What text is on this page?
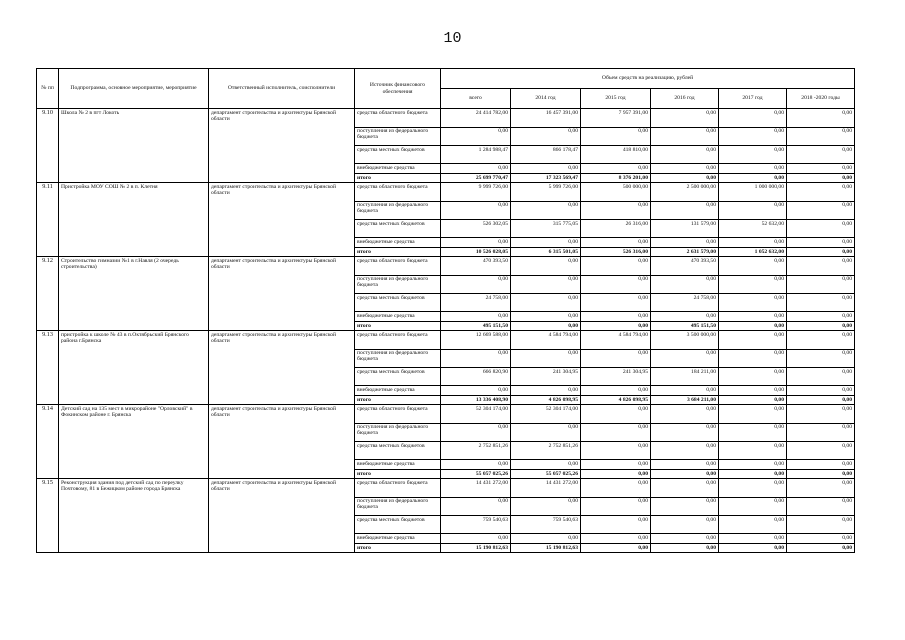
10
№ пп	Подпрограмма, основное мероприятие, мероприятие	Ответственный исполнитель, соисполнители	Источник финансового обеспечения	Объем средств на реализацию, рублей					
				всего	2014 год	2015 год	2016 год	2017 год	2018 -2020 годы
9.10	Школа № 2 в пгт Локоть	департамент строительства и архитектуры Брянской области	средства областного бюджета	24 414 782,00	16 457 391,00	7 957 391,00	0,00	0,00	0,00
			поступления из федерального бюджета	0,00	0,00	0,00	0,00	0,00	0,00
			средства местных бюджетов	1 284 988,47	866 178,47	418 810,00	0,00	0,00	0,00
			внебюджетные средства	0,00	0,00	0,00	0,00	0,00	0,00
			итого	25 699 770,47	17 323 569,47	8 376 201,00	0,00	0,00	0,00
9.11	Пристройка МОУ СОШ № 2 в п. Клетня	департамент строительства и архитектуры Брянской области	средства областного бюджета	9 999 726,00	5 999 726,00	500 000,00	2 500 000,00	1 000 000,00	0,00
			поступления из федерального бюджета	0,00	0,00	0,00	0,00	0,00	0,00
			средства местных бюджетов	526 302,05	315 775,05	26 316,00	131 579,00	52 632,00	0,00
			внебюджетные средства	0,00	0,00	0,00	0,00	0,00	0,00
			итого	10 526 028,05	6 315 501,05	526 316,00	2 631 579,00	1 052 632,00	0,00
9.12	Строительство гимназии №1 в г.Навля (2 очередь строительства)	департамент строительства и архитектуры Брянской области	средства областного бюджета	470 393,50	0,00	0,00	470 393,50	0,00	0,00
			поступления из федерального бюджета	0,00	0,00	0,00	0,00	0,00	0,00
			средства местных бюджетов	24 758,00	0,00	0,00	24 758,00	0,00	0,00
			внебюджетные средства	0,00	0,00	0,00	0,00	0,00	0,00
			итого	495 151,50	0,00	0,00	495 151,50	0,00	0,00
9.13	пристройка к школе № 43 в п.Октябрьский Брянского района г.Брянска	департамент строительства и архитектуры Брянской области	средства областного бюджета	12 669 588,00	4 584 794,00	4 584 794,00	3 500 000,00	0,00	0,00
			поступления из федерального бюджета	0,00	0,00	0,00	0,00	0,00	0,00
			средства местных бюджетов	666 820,90	241 304,95	241 304,95	184 211,00	0,00	0,00
			внебюджетные средства	0,00	0,00	0,00	0,00	0,00	0,00
			итого	13 336 408,90	4 826 098,95	4 826 098,95	3 684 211,00	0,00	0,00
9.14	Детский сад на 135 мест в микрорайоне "Орловский" в Фокинском районе г. Брянска	департамент строительства и архитектуры Брянской области	средства областного бюджета	52 304 174,00	52 304 174,00	0,00	0,00	0,00	0,00
			поступления из федерального бюджета	0,00	0,00	0,00	0,00	0,00	0,00
			средства местных бюджетов	2 752 851,26	2 752 851,26	0,00	0,00	0,00	0,00
			внебюджетные средства	0,00	0,00	0,00	0,00	0,00	0,00
			итого	55 057 025,26	55 057 025,26	0,00	0,00	0,00	0,00
9.15	Реконструкция здания под детский сад по переулку Почтовому, 81 в Бежицком районе города Брянска	департамент строительства и архитектуры Брянской области	средства областного бюджета	14 431 272,00	14 431 272,00	0,00	0,00	0,00	0,00
			поступления из федерального бюджета	0,00	0,00	0,00	0,00	0,00	0,00
			средства местных бюджетов	759 540,63	759 540,63	0,00	0,00	0,00	0,00
			внебюджетные средства	0,00	0,00	0,00	0,00	0,00	0,00
			итого	15 190 812,63	15 190 812,63	0,00	0,00	0,00	0,00
